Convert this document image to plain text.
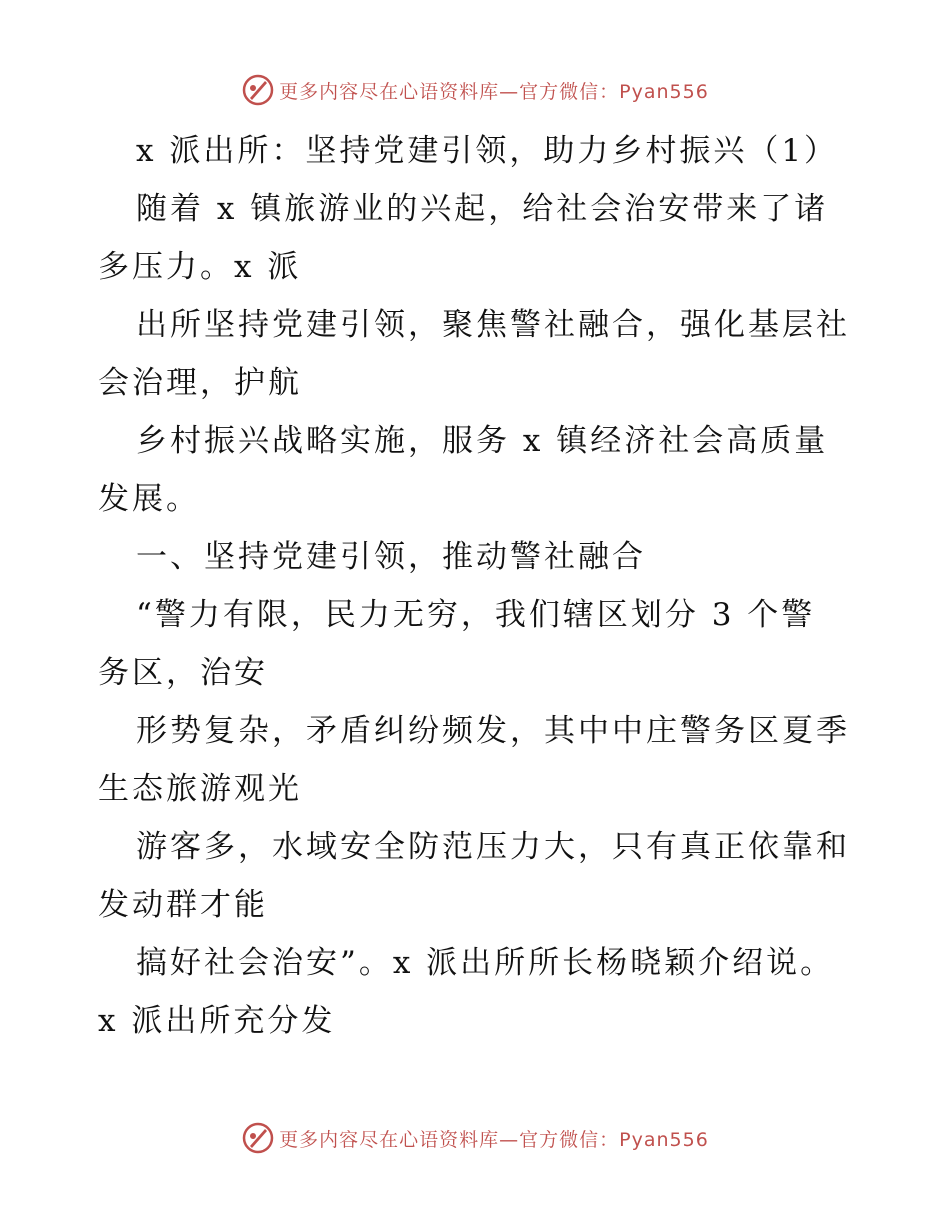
更多内容尽在心语资料库—官方微信：Pyan556
x 派出所：坚持党建引领，助力乡村振兴（1）
随着 x 镇旅游业的兴起，给社会治安带来了诸
多压力。x 派
出所坚持党建引领，聚焦警社融合，强化基层社
会治理，护航
乡村振兴战略实施，服务 x 镇经济社会高质量
发展。
一、坚持党建引领，推动警社融合
“警力有限，民力无穷，我们辖区划分 3 个警
务区，治安
形势复杂，矛盾纠纷频发，其中中庄警务区夏季
生态旅游观光
游客多，水域安全防范压力大，只有真正依靠和
发动群才能
搞好社会治安”。x 派出所所长杨晓颖介绍说。
x 派出所充分发
更多内容尽在心语资料库—官方微信：Pyan556
